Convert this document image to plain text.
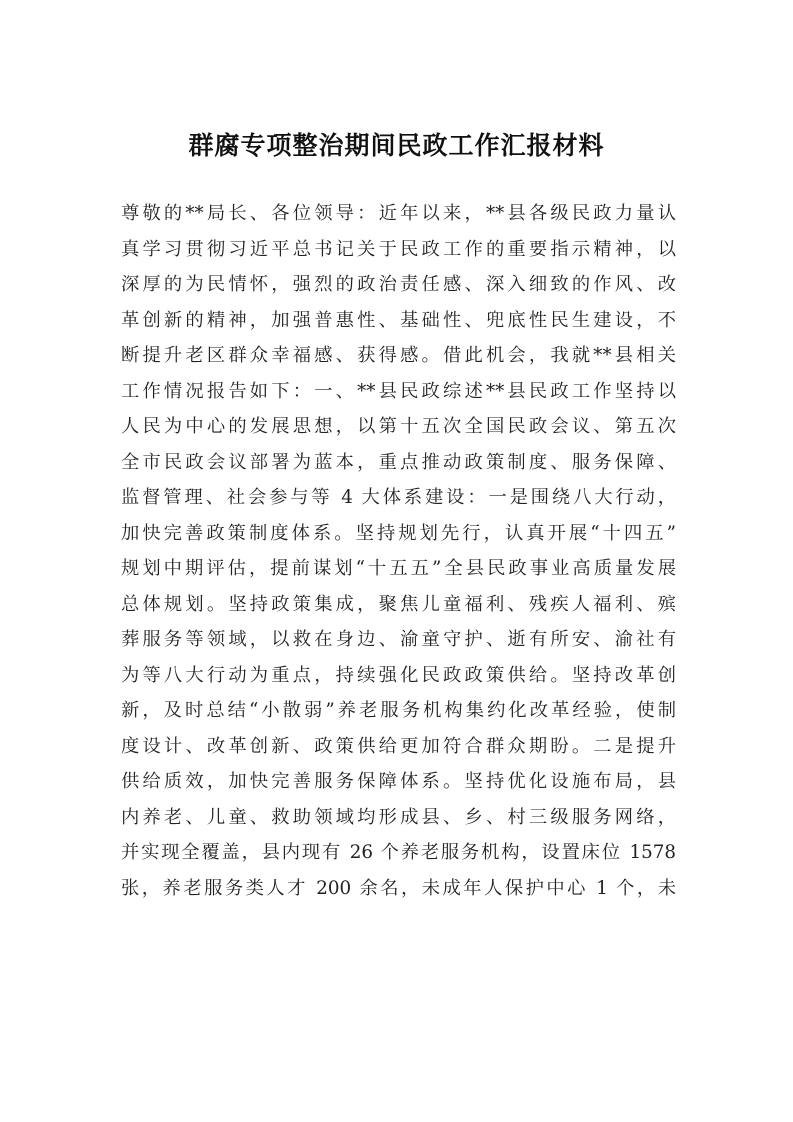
群腐专项整治期间民政工作汇报材料
尊敬的**局长、各位领导：近年以来，**县各级民政力量认
真学习贯彻习近平总书记关于民政工作的重要指示精神，以
深厚的为民情怀，强烈的政治责任感、深入细致的作风、改
革创新的精神，加强普惠性、基础性、兜底性民生建设，不
断提升老区群众幸福感、获得感。借此机会，我就**县相关
工作情况报告如下：一、**县民政综述**县民政工作坚持以
人民为中心的发展思想，以第十五次全国民政会议、第五次
全市民政会议部署为蓝本，重点推动政策制度、服务保障、
监督管理、社会参与等 4 大体系建设：一是围绕八大行动，
加快完善政策制度体系。坚持规划先行，认真开展“十四五”
规划中期评估，提前谋划“十五五”全县民政事业高质量发展
总体规划。坚持政策集成，聚焦儿童福利、残疾人福利、殡
葬服务等领域，以救在身边、渝童守护、逝有所安、渝社有
为等八大行动为重点，持续强化民政政策供给。坚持改革创
新，及时总结“小散弱”养老服务机构集约化改革经验，使制
度设计、改革创新、政策供给更加符合群众期盼。二是提升
供给质效，加快完善服务保障体系。坚持优化设施布局，县
内养老、儿童、救助领域均形成县、乡、村三级服务网络，
并实现全覆盖，县内现有 26 个养老服务机构，设置床位 1578
张，养老服务类人才 200 余名，未成年人保护中心 1 个，未
